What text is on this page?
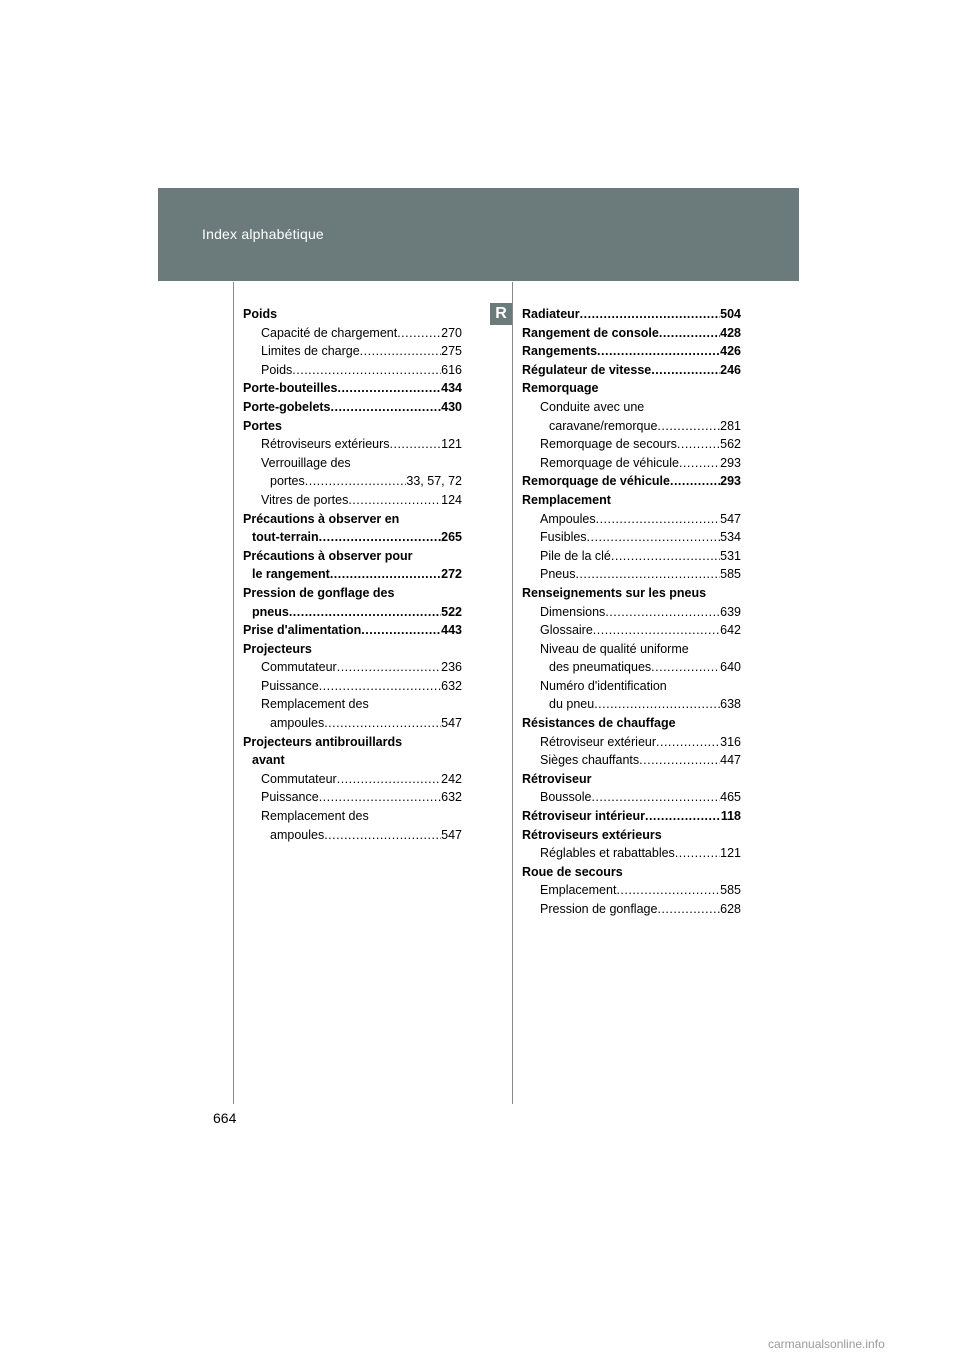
Index alphabétique
R
Poids
Capacité de chargement .....	270
Limites de charge .....	275
Poids .....	616
Porte-bouteilles .....	434
Porte-gobelets .....	430
Portes
Rétroviseurs extérieurs .....	121
Verrouillage des
portes .....	33, 57, 72
Vitres de portes .....	124
Précautions à observer en
tout-terrain .....	265
Précautions à observer pour
le rangement .....	272
Pression de gonflage des
pneus .....	522
Prise d'alimentation .....	443
Projecteurs
Commutateur .....	236
Puissance .....	632
Remplacement des
ampoules .....	547
Projecteurs antibrouillards
avant
Commutateur .....	242
Puissance .....	632
Remplacement des
ampoules .....	547
Radiateur .....	504
Rangement de console .....	428
Rangements .....	426
Régulateur de vitesse .....	246
Remorquage
Conduite avec une
caravane/remorque .....	281
Remorquage de secours .....	562
Remorquage de véhicule .....	293
Remorquage de véhicule .....	293
Remplacement
Ampoules .....	547
Fusibles .....	534
Pile de la clé .....	531
Pneus .....	585
Renseignements sur les pneus
Dimensions .....	639
Glossaire .....	642
Niveau de qualité uniforme
des pneumatiques .....	640
Numéro d'identification
du pneu .....	638
Résistances de chauffage
Rétroviseur extérieur .....	316
Sièges chauffants .....	447
Rétroviseur
Boussole .....	465
Rétroviseur intérieur .....	118
Rétroviseurs extérieurs
Réglables et rabattables .....	121
Roue de secours
Emplacement .....	585
Pression de gonflage .....	628
664
carmanualsonline.info
